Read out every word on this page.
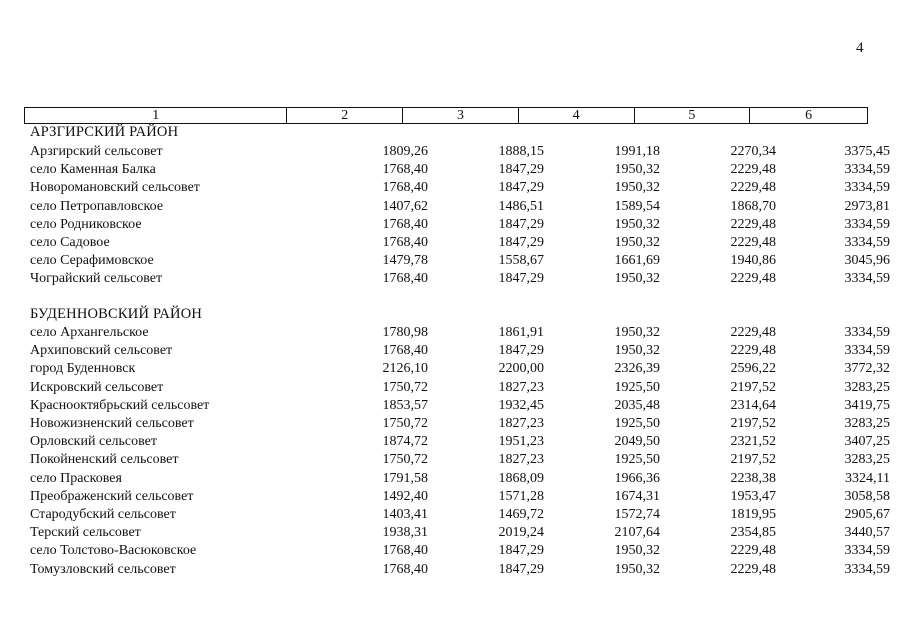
4
1	2	3	4	5	6
АРЗГИРСКИЙ РАЙОН
Арзгирский сельсовет	1809,26	1888,15	1991,18	2270,34	3375,45
село Каменная Балка	1768,40	1847,29	1950,32	2229,48	3334,59
Новоромановский сельсовет	1768,40	1847,29	1950,32	2229,48	3334,59
село Петропавловское	1407,62	1486,51	1589,54	1868,70	2973,81
село Родниковское	1768,40	1847,29	1950,32	2229,48	3334,59
село Садовое	1768,40	1847,29	1950,32	2229,48	3334,59
село Серафимовское	1479,78	1558,67	1661,69	1940,86	3045,96
Чограйский сельсовет	1768,40	1847,29	1950,32	2229,48	3334,59
БУДЕННОВСКИЙ РАЙОН
село Архангельское	1780,98	1861,91	1950,32	2229,48	3334,59
Архиповский сельсовет	1768,40	1847,29	1950,32	2229,48	3334,59
город Буденновск	2126,10	2200,00	2326,39	2596,22	3772,32
Искровский сельсовет	1750,72	1827,23	1925,50	2197,52	3283,25
Краснооктябрьский сельсовет	1853,57	1932,45	2035,48	2314,64	3419,75
Новожизненский сельсовет	1750,72	1827,23	1925,50	2197,52	3283,25
Орловский сельсовет	1874,72	1951,23	2049,50	2321,52	3407,25
Покойненский сельсовет	1750,72	1827,23	1925,50	2197,52	3283,25
село Прасковея	1791,58	1868,09	1966,36	2238,38	3324,11
Преображенский сельсовет	1492,40	1571,28	1674,31	1953,47	3058,58
Стародубский сельсовет	1403,41	1469,72	1572,74	1819,95	2905,67
Терский сельсовет	1938,31	2019,24	2107,64	2354,85	3440,57
село Толстово-Васюковское	1768,40	1847,29	1950,32	2229,48	3334,59
Томузловский сельсовет	1768,40	1847,29	1950,32	2229,48	3334,59
